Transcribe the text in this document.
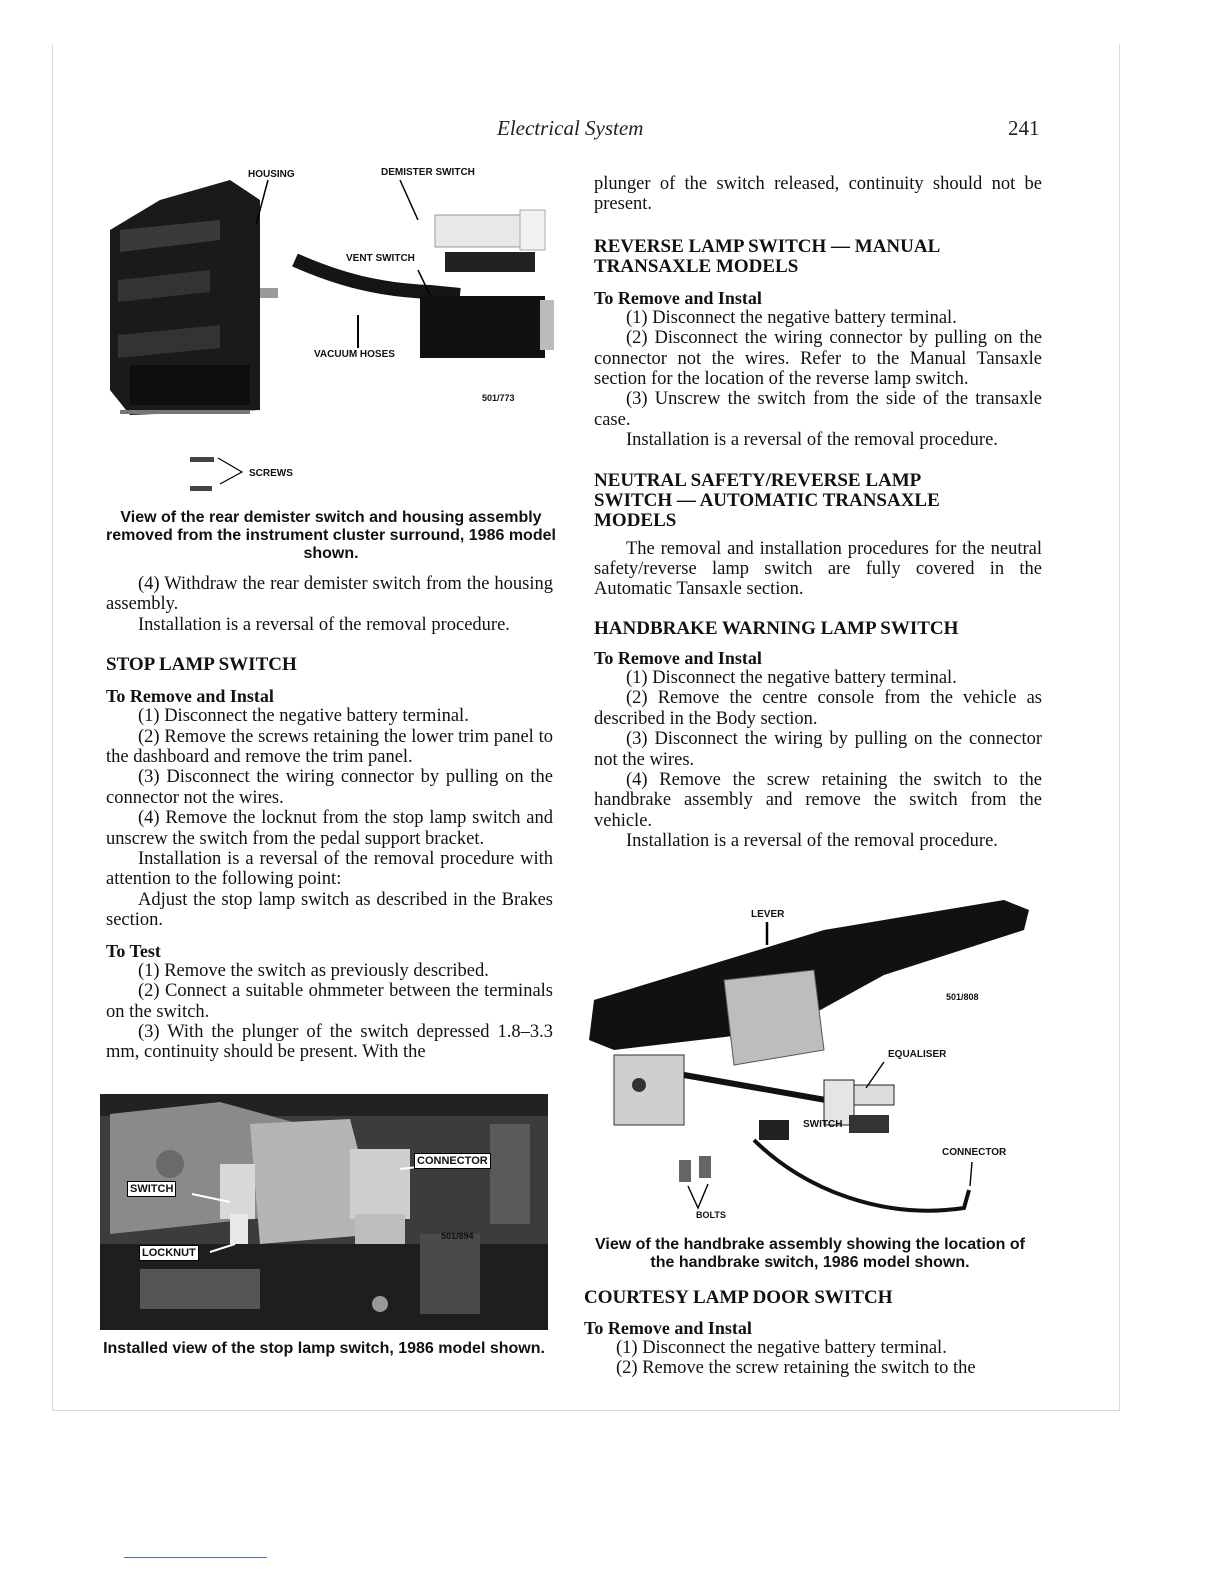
Electrical System	241
HOUSING	DEMISTER SWITCH
VENT SWITCH
VACUUM HOSES
501/773
SCREWS
View of the rear demister switch and housing assembly removed from the instrument cluster surround, 1986 model shown.

(4) Withdraw the rear demister switch from the housing assembly.

Installation is a reversal of the removal procedure.

STOP LAMP SWITCH

To Remove and Instal

(1) Disconnect the negative battery terminal.

(2) Remove the screws retaining the lower trim panel to the dashboard and remove the trim panel.

(3) Disconnect the wiring connector by pulling on the connector not the wires.

(4) Remove the locknut from the stop lamp switch and unscrew the switch from the pedal support bracket.

Installation is a reversal of the removal procedure with attention to the following point:

Adjust the stop lamp switch as described in the Brakes section.

To Test

(1) Remove the switch as previously described.

(2) Connect a suitable ohmmeter between the terminals on the switch.

(3) With the plunger of the switch depressed 1.8–3.3 mm, continuity should be present. With the

CONNECTOR
SWITCH
LOCKNUT
501/894
Installed view of the stop lamp switch, 1986 model shown.

plunger of the switch released, continuity should not be present.

REVERSE LAMP SWITCH — MANUAL TRANSAXLE MODELS

To Remove and Instal

(1) Disconnect the negative battery terminal.

(2) Disconnect the wiring connector by pulling on the connector not the wires. Refer to the Manual Tansaxle section for the location of the reverse lamp switch.

(3) Unscrew the switch from the side of the transaxle case.

Installation is a reversal of the removal procedure.

NEUTRAL SAFETY/REVERSE LAMP SWITCH — AUTOMATIC TRANSAXLE MODELS

The removal and installation procedures for the neutral safety/reverse lamp switch are fully covered in the Automatic Tansaxle section.

HANDBRAKE WARNING LAMP SWITCH

To Remove and Instal

(1) Disconnect the negative battery terminal.

(2) Remove the centre console from the vehicle as described in the Body section.

(3) Disconnect the wiring by pulling on the connector not the wires.

(4) Remove the screw retaining the switch to the handbrake assembly and remove the switch from the vehicle.

Installation is a reversal of the removal procedure.

LEVER
501/808
EQUALISER
SWITCH
CONNECTOR
BOLTS
View of the handbrake assembly showing the location of the handbrake switch, 1986 model shown.

COURTESY LAMP DOOR SWITCH

To Remove and Instal

(1) Disconnect the negative battery terminal.

(2) Remove the screw retaining the switch to the
